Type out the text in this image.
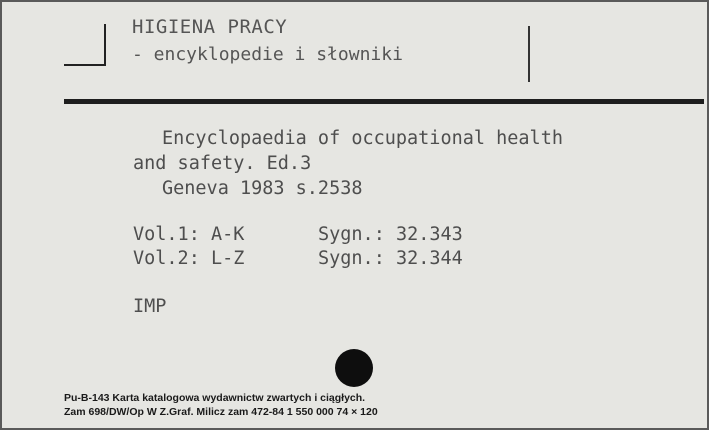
HIGIENA PRACY
- encyklopedie i słowniki
Encyclopaedia of occupational health
and safety. Ed.3
Geneva 1983 s.2538
Vol.1: A-K	Sygn.: 32.343
Vol.2: L-Z	Sygn.: 32.344
IMP
Pu-B-143 Karta katalogowa wydawnictw zwartych i ciągłych.
Zam 698/DW/Op W Z.Graf. Milicz zam 472-84 1 550 000 74 × 120
